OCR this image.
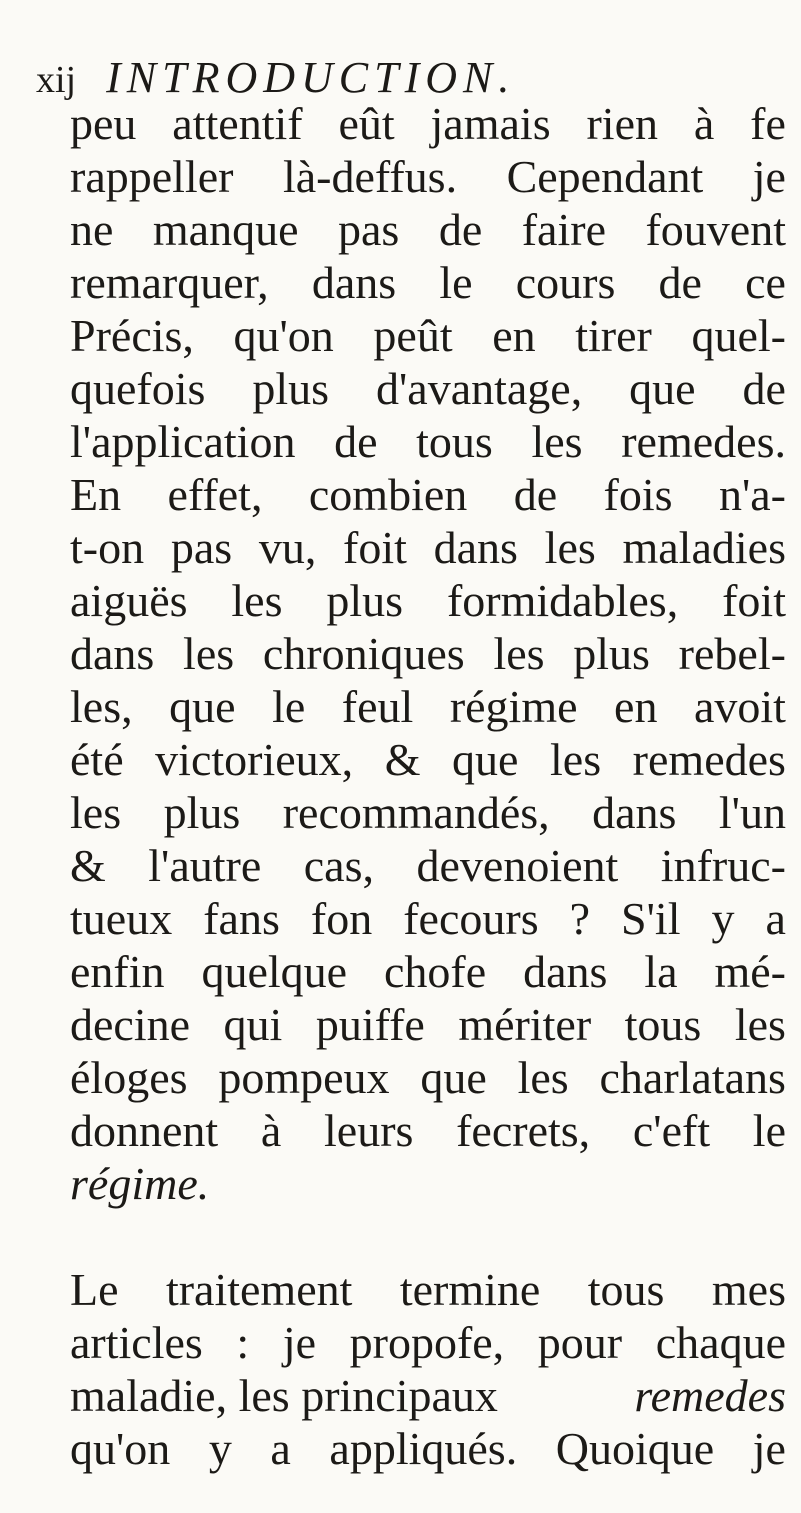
xij INTRODUCTION.
peu attentif eût jamais rien à fe
rappeller là-deffus. Cependant je
ne manque pas de faire fouvent
remarquer, dans le cours de ce
Précis, qu'on peût en tirer quel-
quefois plus d'avantage, que de
l'application de tous les remedes.
En effet, combien de fois n'a-
t-on pas vu, foit dans les maladies
aiguës les plus formidables, foit
dans les chroniques les plus rebel-
les, que le feul régime en avoit
été victorieux, & que les remedes
les plus recommandés, dans l'un
& l'autre cas, devenoient infruc-
tueux fans fon fecours ? S'il y a
enfin quelque chofe dans la mé-
decine qui puiffe mériter tous les
éloges pompeux que les charlatans
donnent à leurs fecrets, c'eft le
régime.
Le traitement termine tous mes
articles : je propofe, pour chaque
maladie, les principaux	remedes
qu'on y a appliqués. Quoique je
